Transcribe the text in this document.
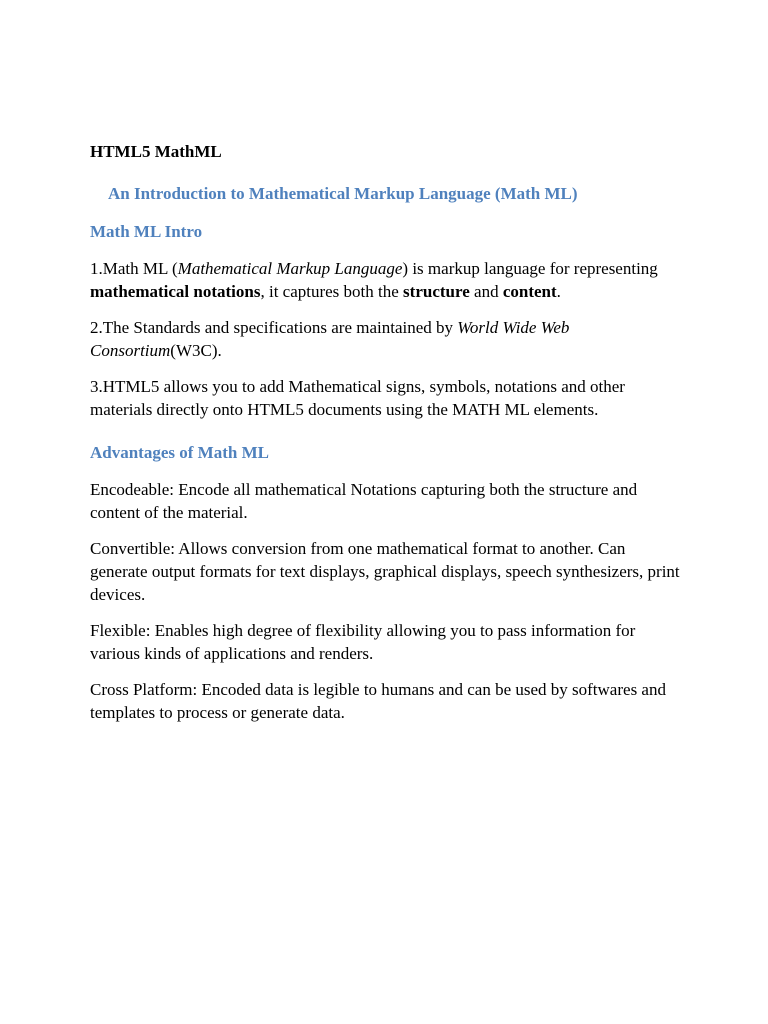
HTML5 MathML
An Introduction to Mathematical Markup Language (Math ML)
Math ML Intro

1.Math ML (Mathematical Markup Language) is markup language for representing mathematical notations, it captures both the structure and content.

2.The Standards and specifications are maintained by World Wide Web Consortium(W3C).

3.HTML5 allows you to add Mathematical signs, symbols, notations and other materials directly onto HTML5 documents using the MATH ML elements.

Advantages of Math ML

Encodeable: Encode all mathematical Notations capturing both the structure and content of the material.

Convertible: Allows conversion from one mathematical format to another. Can generate output formats for text displays, graphical displays, speech synthesizers, print devices.

Flexible: Enables high degree of flexibility allowing you to pass information for various kinds of applications and renders.

Cross Platform: Encoded data is legible to humans and can be used by softwares and templates to process or generate data.
